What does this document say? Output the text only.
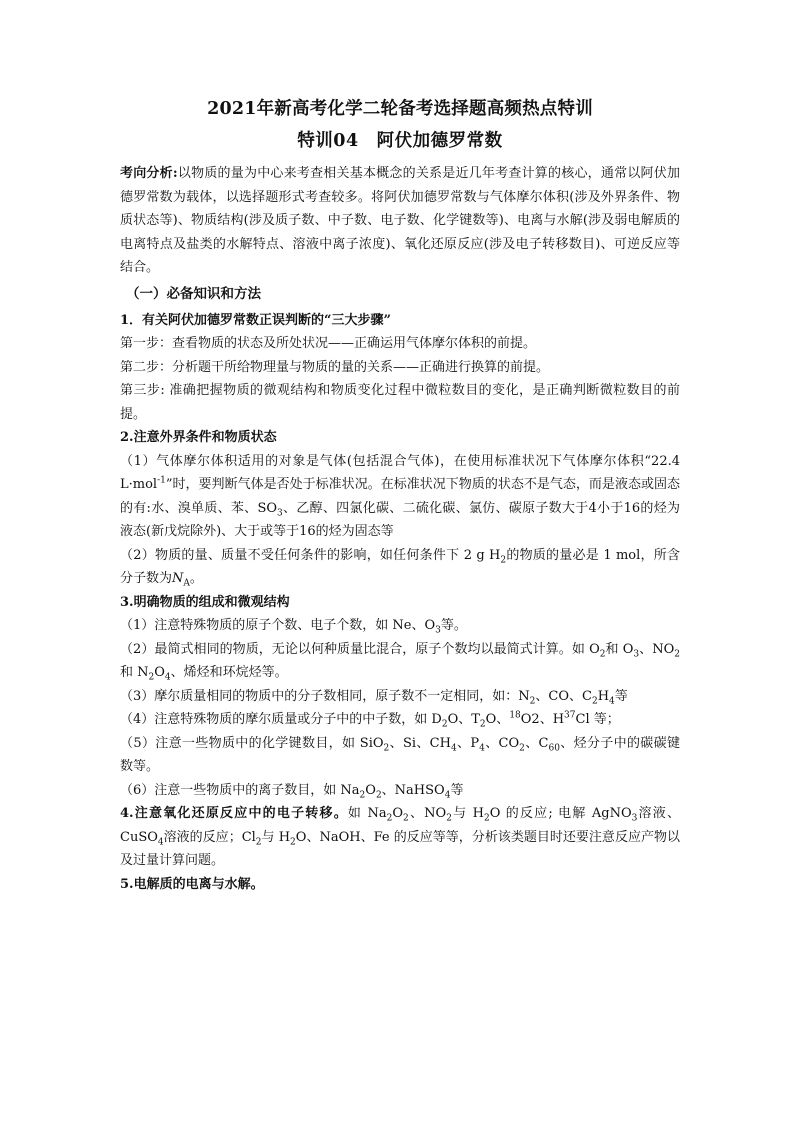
2021年新高考化学二轮备考选择题高频热点特训
特训04　阿伏加德罗常数

考向分析:以物质的量为中心来考查相关基本概念的关系是近几年考查计算的核心，通常以阿伏加德罗常数为载体，以选择题形式考查较多。将阿伏加德罗常数与气体摩尔体积(涉及外界条件、物质状态等)、物质结构(涉及质子数、中子数、电子数、化学键数等)、电离与水解(涉及弱电解质的电离特点及盐类的水解特点、溶液中离子浓度)、氧化还原反应(涉及电子转移数目)、可逆反应等结合。

（一）必备知识和方法

1．有关阿伏加德罗常数正误判断的“三大步骤”

第一步：查看物质的状态及所处状况——正确运用气体摩尔体积的前提。

第二步：分析题干所给物理量与物质的量的关系——正确进行换算的前提。

第三步: 准确把握物质的微观结构和物质变化过程中微粒数目的变化，是正确判断微粒数目的前提。

2.注意外界条件和物质状态

（1）气体摩尔体积适用的对象是气体(包括混合气体)，在使用标准状况下气体摩尔体积“22.4 L·mol$^{-1}$”时，要判断气体是否处于标准状况。在标准状况下物质的状态不是气态，而是液态或固态的有:水、溴单质、苯、$SO_3$、乙醇、四氯化碳、二硫化碳、氯仿、碳原子数大于4小于16的烃为液态(新戊烷除外)、大于或等于16的烃为固态等

（2）物质的量、质量不受任何条件的影响，如任何条件下 2 g $H_2$的物质的量必是 1 mol，所含分子数为$N_A$。

3.明确物质的组成和微观结构

（1）注意特殊物质的原子个数、电子个数，如 Ne、$O_3$等。

（2）最简式相同的物质，无论以何种质量比混合，原子个数均以最简式计算。如 $O_2$和 $O_3$、$NO_2$和 $N_2O_4$、烯烃和环烷烃等。

（3）摩尔质量相同的物质中的分子数相同，原子数不一定相同，如：$N_2$、CO、$C_2H_4$等

（4）注意特殊物质的摩尔质量或分子中的中子数，如 $D_2O$、$T_2O$、$^{18}$O2、$H^{37}Cl$ 等；

（5）注意一些物质中的化学键数目，如 SiO$_2$、Si、$CH_4$、$P_4$、$CO_2$、$C_{60}$、烃分子中的碳碳键数等。

（6）注意一些物质中的离子数目，如 $Na_2O_2$、NaHSO$_4$等

4.注意氧化还原反应中的电子转移。如 $Na_2O_2$、$NO_2$与 $H_2O$ 的反应; 电解 AgNO$_3$溶液、CuSO$_4$溶液的反应；$Cl_2$与 $H_2O$、NaOH、Fe 的反应等等，分析该类题目时还要注意反应产物以及过量计算问题。

5.电解质的电离与水解。
